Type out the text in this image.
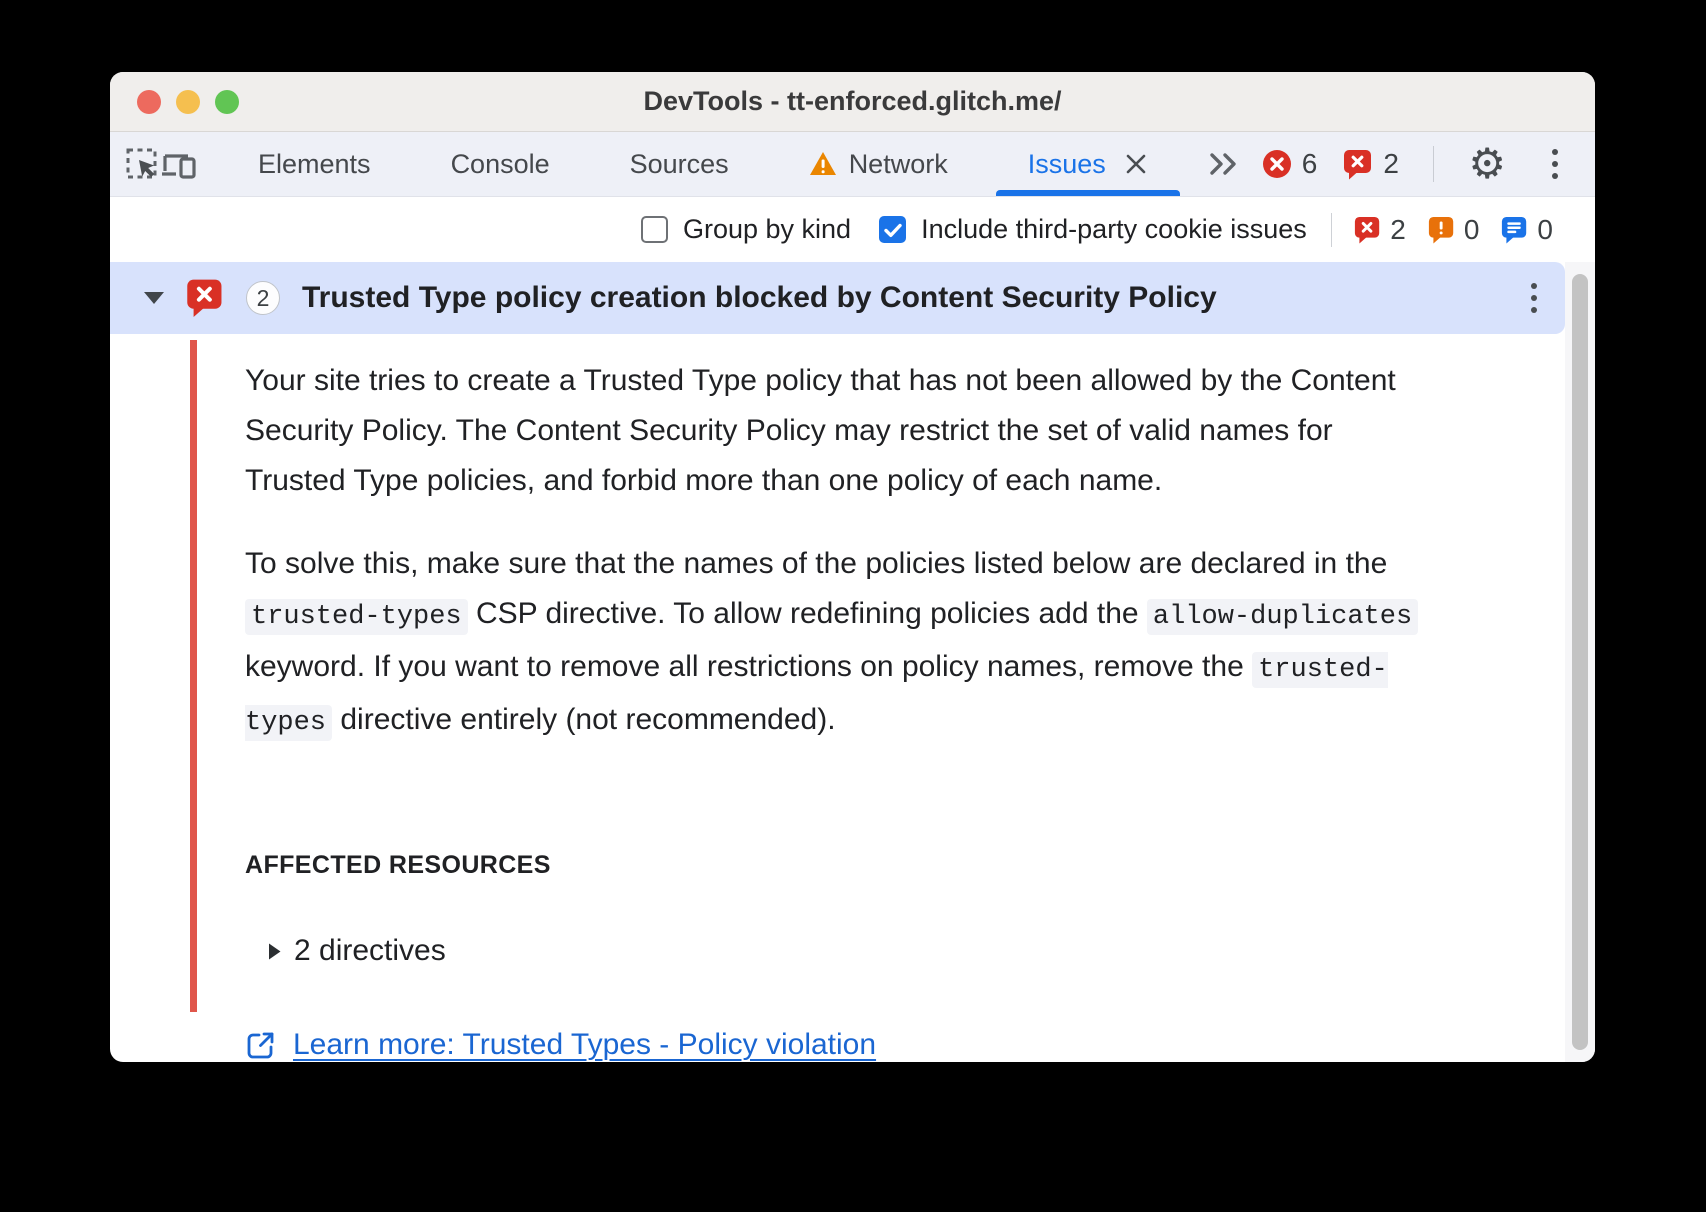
DevTools - tt-enforced.glitch.me/
Elements	Console	Sources	Network	Issues	6 2 ⚙
Group by kind	Include third-party cookie issues	2 0 0
2	Trusted Type policy creation blocked by Content Security Policy

Your site tries to create a Trusted Type policy that has not been allowed by the Content Security Policy. The Content Security Policy may restrict the set of valid names for Trusted Type policies, and forbid more than one policy of each name.

To solve this, make sure that the names of the policies listed below are declared in the trusted-types CSP directive. To allow redefining policies add the allow-duplicates keyword. If you want to remove all restrictions on policy names, remove the trusted-types directive entirely (not recommended).

AFFECTED RESOURCES
2 directives
Learn more: Trusted Types - Policy violation
